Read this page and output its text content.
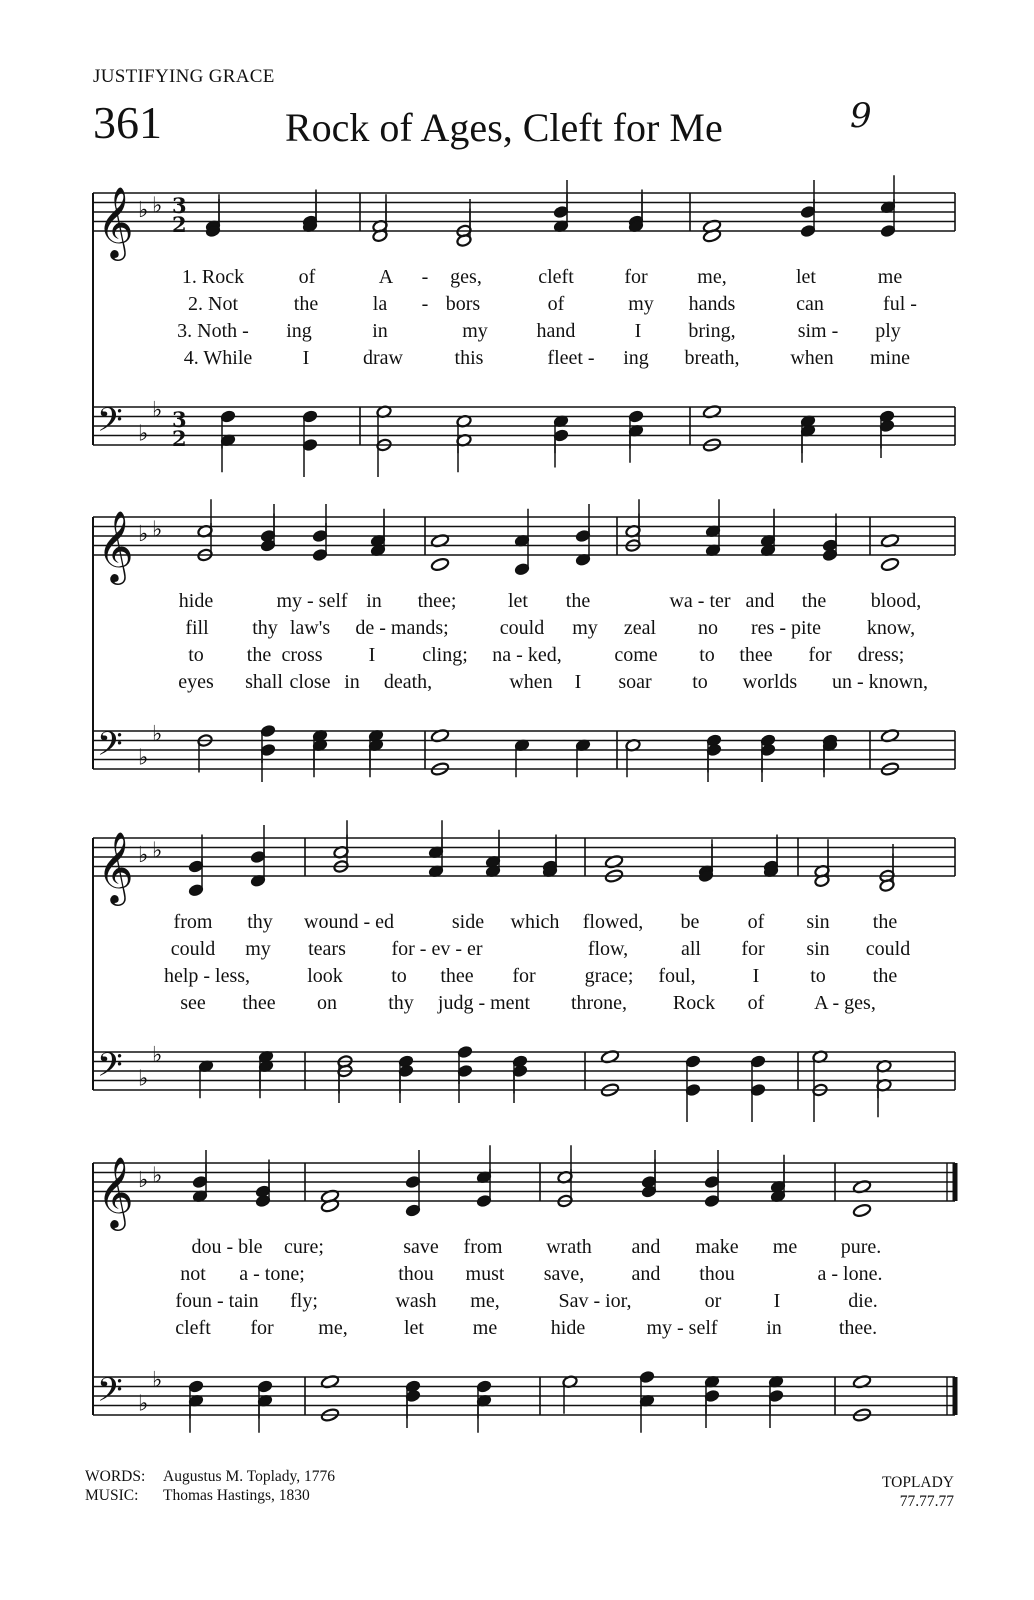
JUSTIFYING GRACE
361	Rock of Ages, Cleft for Me	9
𝄞
𝄢
♭ ♭
♭
♭
3
2
3
2
1. Rock	of	A - ges,	cleft	for me,	let	me
2. Not	the	la - bors	of	my hands	can	ful -
3. Noth - ing	in	my hand	I bring,	sim - ply
4. While	I	draw	this	fleet - ing breath,	when mine
𝄞
𝄢
♭ ♭
♭
♭
hide	my - self in thee;	let the	wa - ter and the blood,
fill thy law's de - mands;	could my zeal no res - pite know,
to the cross I cling; na - ked,	come to thee for dress;
eyes shall close in death,	when I soar to worlds un - known,
𝄞
𝄢
♭ ♭
♭
♭
from thy wound - ed	side which flowed, be of sin the
could my tears for - ev - er	flow,	all for sin could
help - less,	look to thee for grace; foul,	I	to the
see thee on	thy judg - ment throne, Rock of A - ges,
𝄞
𝄢
♭ ♭
♭
♭
dou - ble cure;	save from wrath and make me pure.
not a - tone;	thou must save, and thou	a - lone.
foun - tain fly;	wash me,	Sav - ior,	or	I	die.
cleft for me,	let me	hide	my - self in	thee.
WORDS: Augustus M. Toplady, 1776
MUSIC: Thomas Hastings, 1830
TOPLADY
77.77.77
